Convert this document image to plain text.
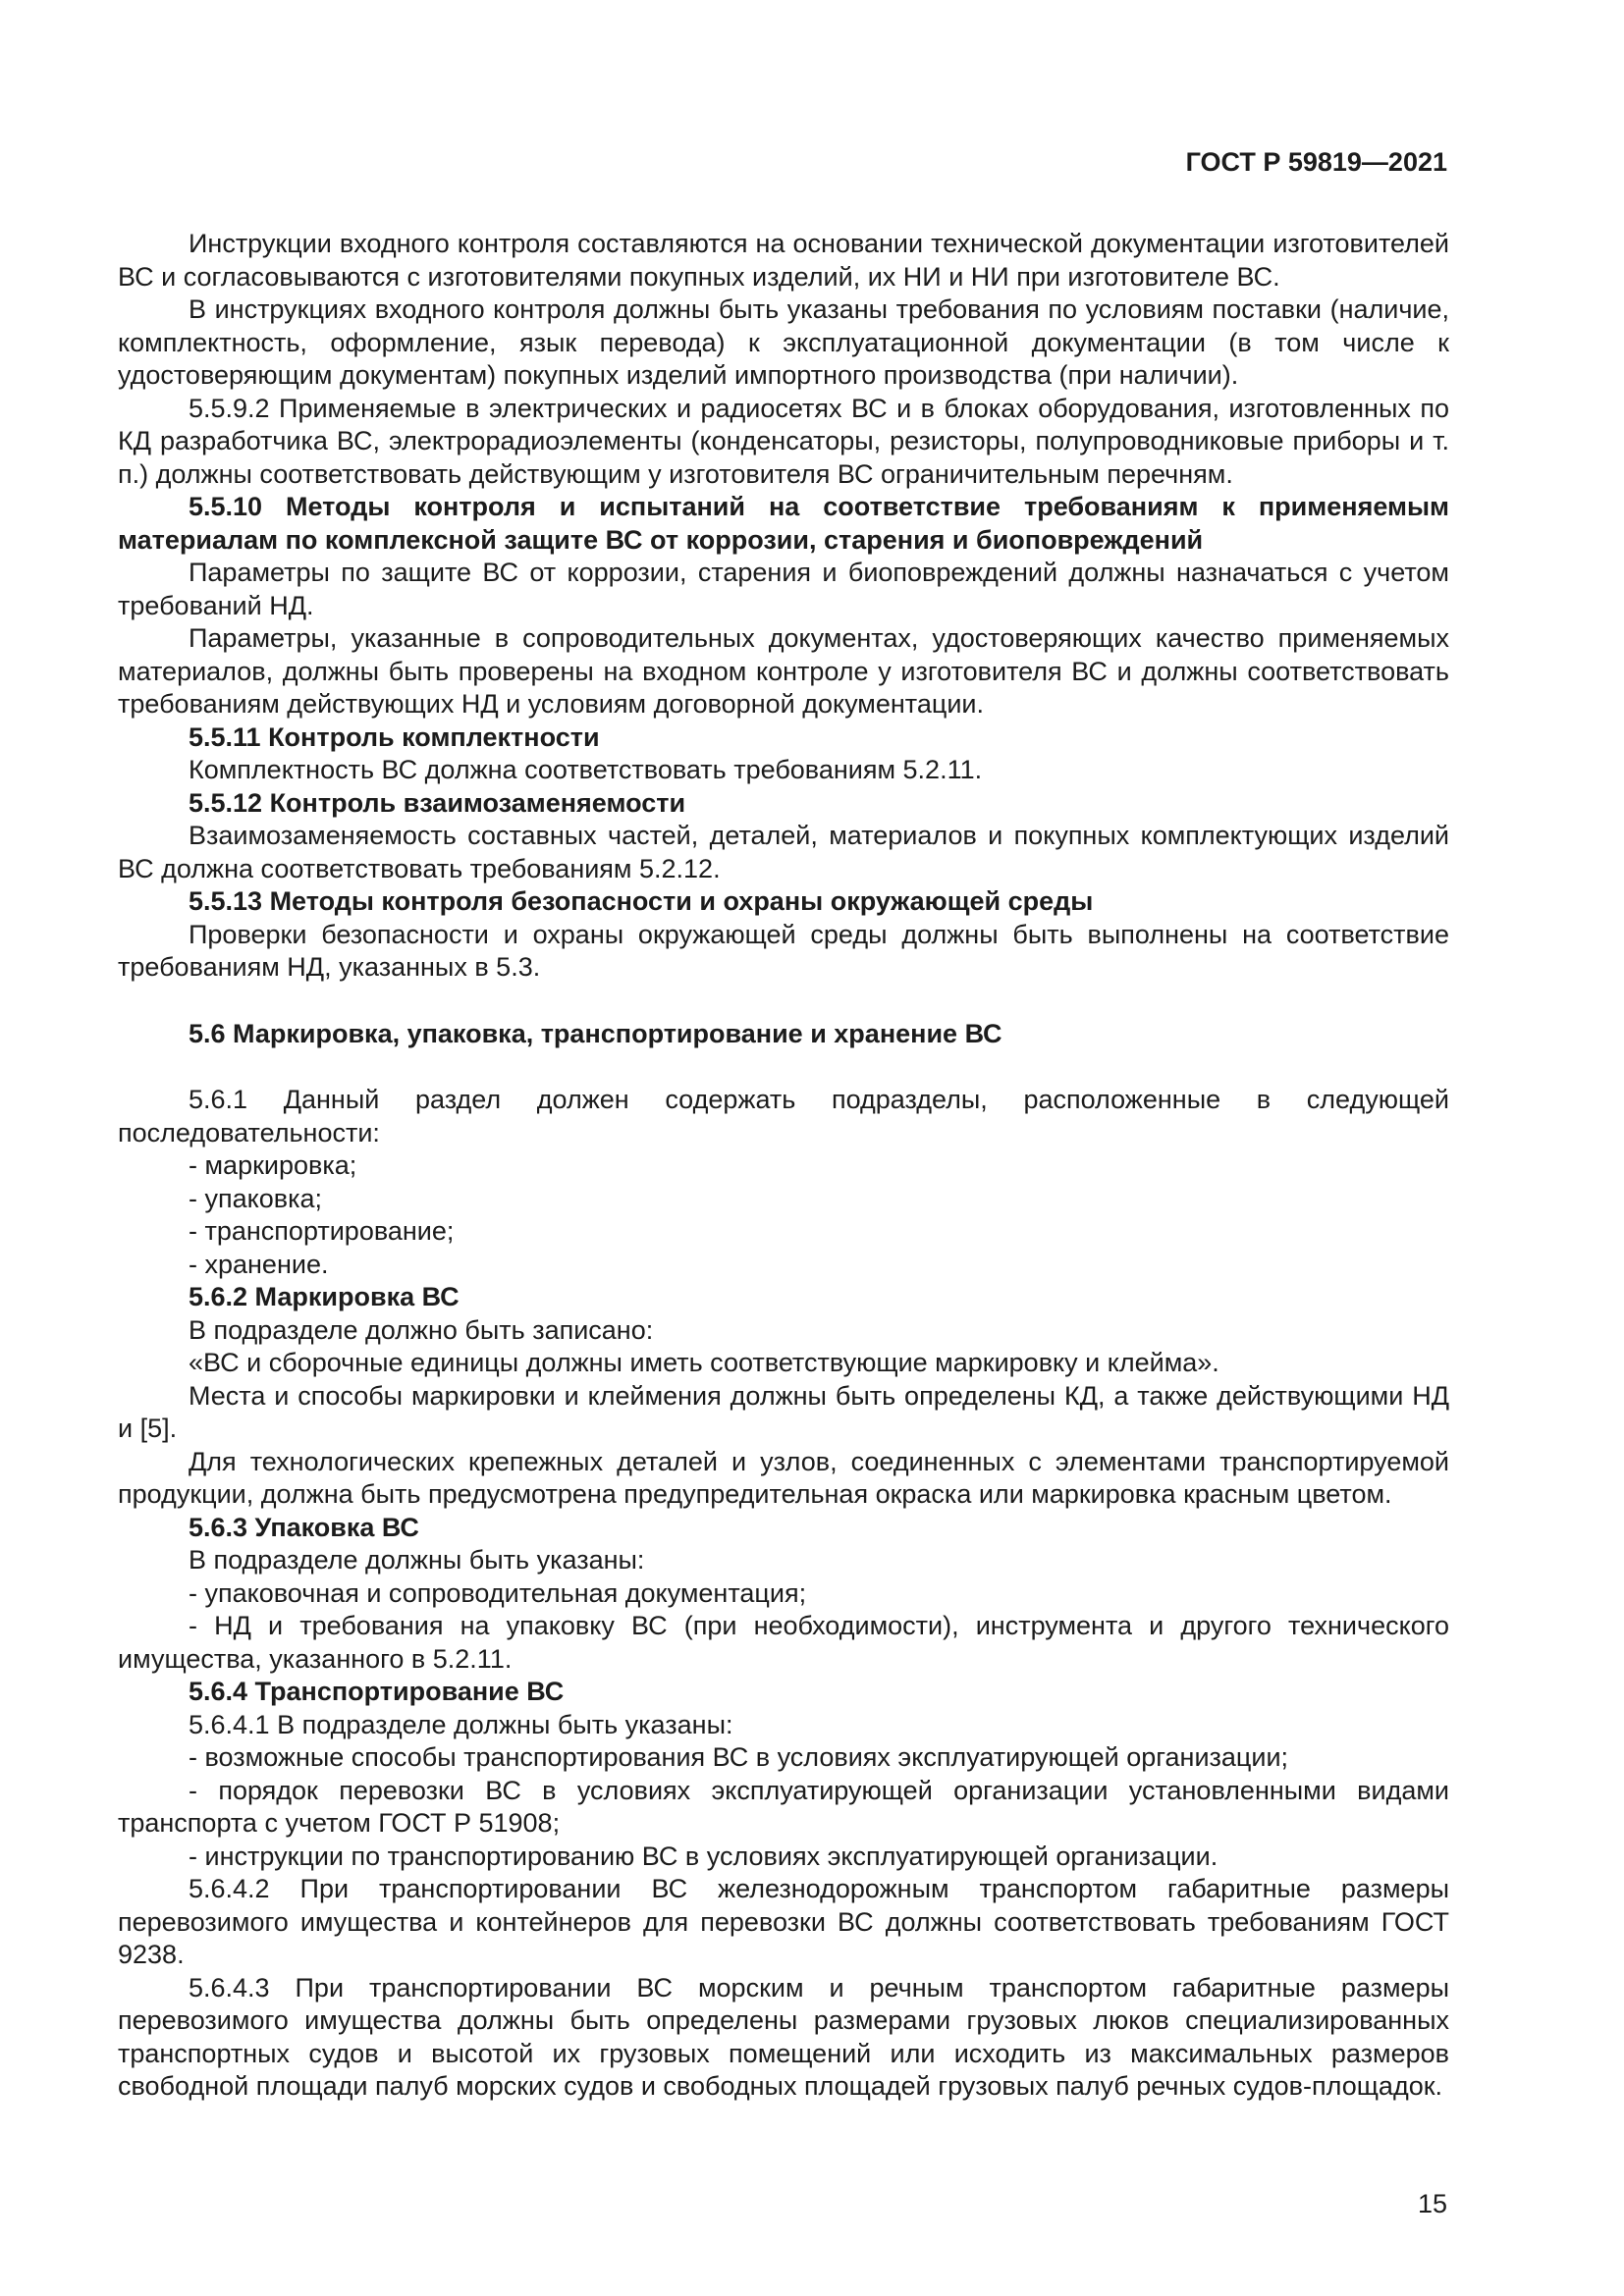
ГОСТ Р 59819—2021

Инструкции входного контроля составляются на основании технической документации изготовителей ВС и согласовываются с изготовителями покупных изделий, их НИ и НИ при изготовителе ВС.

В инструкциях входного контроля должны быть указаны требования по условиям поставки (наличие, комплектность, оформление, язык перевода) к эксплуатационной документации (в том числе к удостоверяющим документам) покупных изделий импортного производства (при наличии).

5.5.9.2 Применяемые в электрических и радиосетях ВС и в блоках оборудования, изготовленных по КД разработчика ВС, электрорадиоэлементы (конденсаторы, резисторы, полупроводниковые приборы и т. п.) должны соответствовать действующим у изготовителя ВС ограничительным перечням.

5.5.10 Методы контроля и испытаний на соответствие требованиям к применяемым материалам по комплексной защите ВС от коррозии, старения и биоповреждений

Параметры по защите ВС от коррозии, старения и биоповреждений должны назначаться с учетом требований НД.

Параметры, указанные в сопроводительных документах, удостоверяющих качество применяемых материалов, должны быть проверены на входном контроле у изготовителя ВС и должны соответствовать требованиям действующих НД и условиям договорной документации.

5.5.11 Контроль комплектности

Комплектность ВС должна соответствовать требованиям 5.2.11.

5.5.12 Контроль взаимозаменяемости

Взаимозаменяемость составных частей, деталей, материалов и покупных комплектующих изделий ВС должна соответствовать требованиям 5.2.12.

5.5.13 Методы контроля безопасности и охраны окружающей среды

Проверки безопасности и охраны окружающей среды должны быть выполнены на соответствие требованиям НД, указанных в 5.3.

5.6 Маркировка, упаковка, транспортирование и хранение ВС

5.6.1 Данный раздел должен содержать подразделы, расположенные в следующей последовательности:

- маркировка;

- упаковка;

- транспортирование;

- хранение.

5.6.2 Маркировка ВС

В подразделе должно быть записано:

«ВС и сборочные единицы должны иметь соответствующие маркировку и клейма».

Места и способы маркировки и клеймения должны быть определены КД, а также действующими НД и [5].

Для технологических крепежных деталей и узлов, соединенных с элементами транспортируемой продукции, должна быть предусмотрена предупредительная окраска или маркировка красным цветом.

5.6.3 Упаковка ВС

В подразделе должны быть указаны:

- упаковочная и сопроводительная документация;

- НД и требования на упаковку ВС (при необходимости), инструмента и другого технического имущества, указанного в 5.2.11.

5.6.4 Транспортирование ВС

5.6.4.1 В подразделе должны быть указаны:

- возможные способы транспортирования ВС в условиях эксплуатирующей организации;

- порядок перевозки ВС в условиях эксплуатирующей организации установленными видами транспорта с учетом ГОСТ Р 51908;

- инструкции по транспортированию ВС в условиях эксплуатирующей организации.

5.6.4.2 При транспортировании ВС железнодорожным транспортом габаритные размеры перевозимого имущества и контейнеров для перевозки ВС должны соответствовать требованиям ГОСТ 9238.

5.6.4.3 При транспортировании ВС морским и речным транспортом габаритные размеры перевозимого имущества должны быть определены размерами грузовых люков специализированных транспортных судов и высотой их грузовых помещений или исходить из максимальных размеров свободной площади палуб морских судов и свободных площадей грузовых палуб речных судов-площадок.

15
